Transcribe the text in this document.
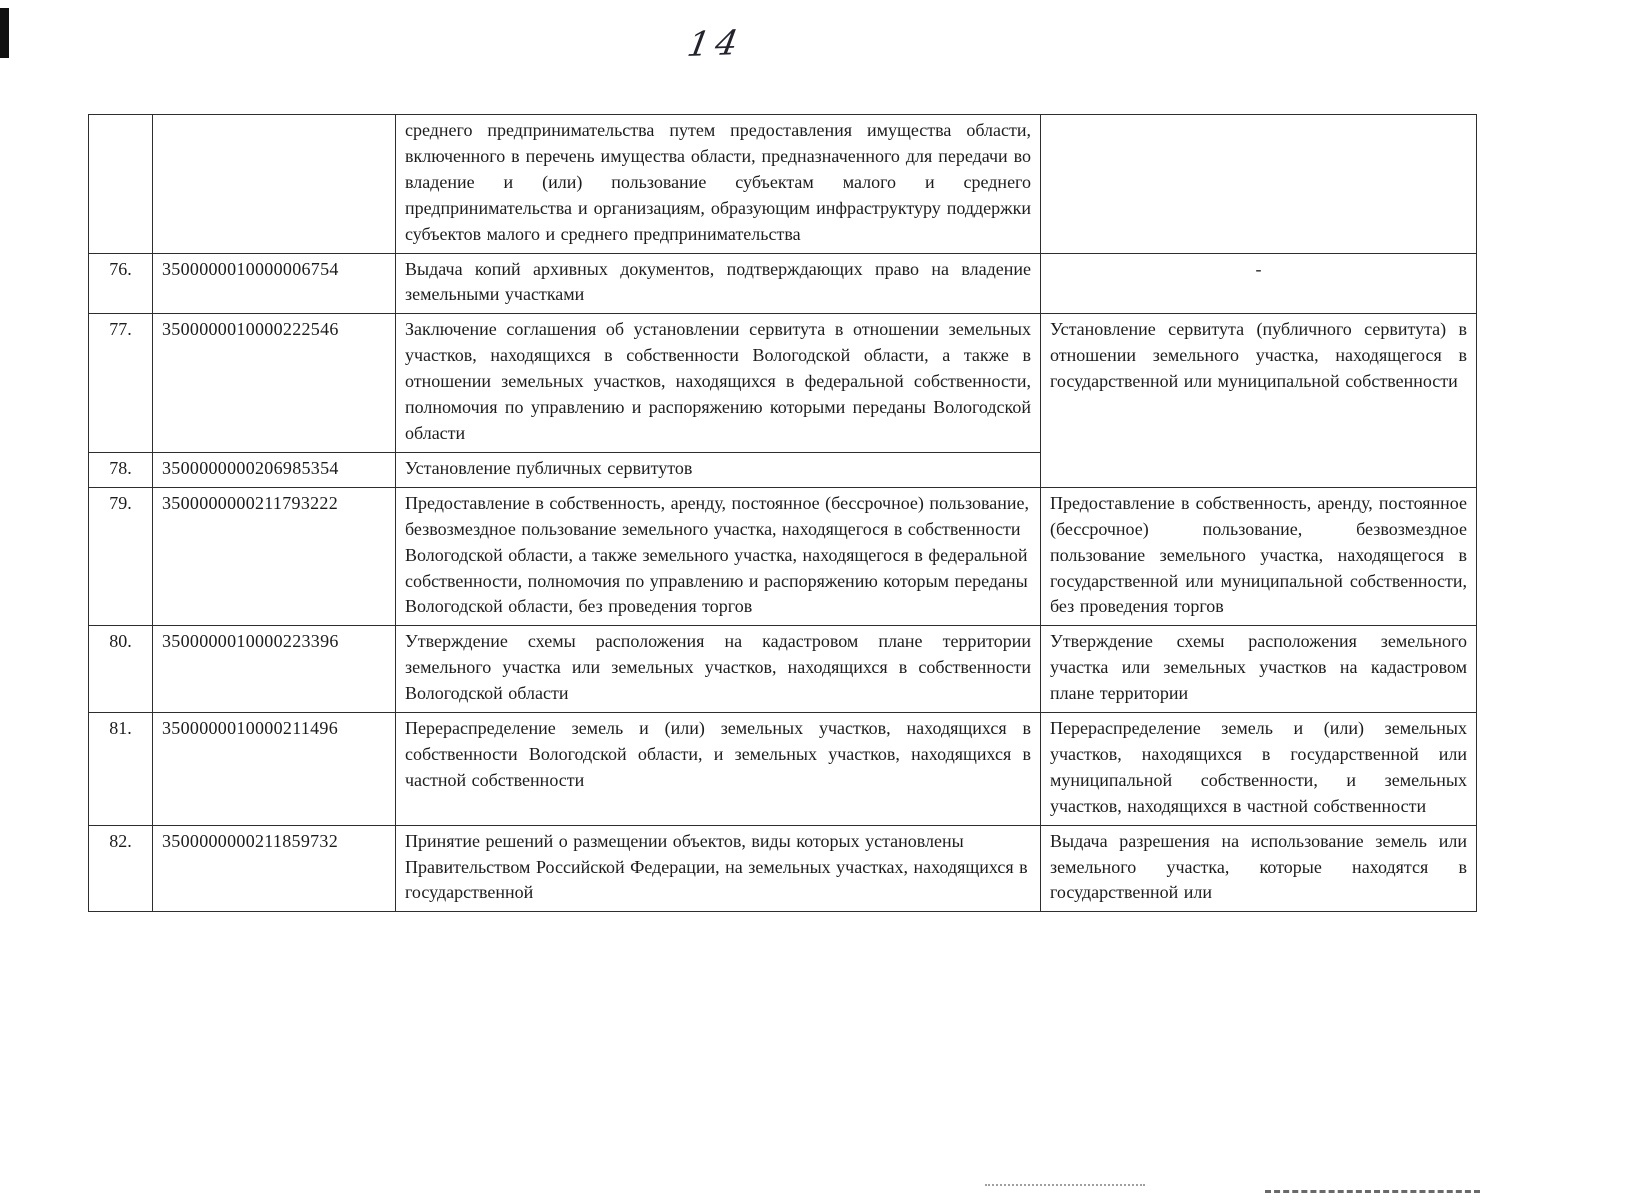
14
		среднего предпринимательства путем предоставления имущества области, включенного в перечень имущества области, предназначенного для передачи во владение и (или) пользование субъектам малого и среднего предпринимательства и организациям, образующим инфраструктуру поддержки субъектов малого и среднего предпринимательства	
76.	3500000010000006754	Выдача копий архивных документов, подтверждающих право на владение земельными участками	-
77.	3500000010000222546	Заключение соглашения об установлении сервитута в отношении земельных участков, находящихся в собственности Вологодской области, а также в отношении земельных участков, находящихся в федеральной собственности, полномочия по управлению и распоряжению которыми переданы Вологодской области	Установление сервитута (публичного сервитута) в отношении земельного участка, находящегося в государственной или муниципальной собственности
78.	3500000000206985354	Установление публичных сервитутов	
79.	3500000000211793222	Предоставление в собственность, аренду, постоянное (бессрочное) пользование, безвозмездное пользование земельного участка, находящегося в собственности Вологодской области, а также земельного участка, находящегося в федеральной собственности, полномочия по управлению и распоряжению которым переданы Вологодской области, без проведения торгов	Предоставление в собственность, аренду, постоянное (бессрочное) пользование, безвозмездное пользование земельного участка, находящегося в государственной или муниципальной собственности, без проведения торгов
80.	3500000010000223396	Утверждение схемы расположения на кадастровом плане территории земельного участка или земельных участков, находящихся в собственности Вологодской области	Утверждение схемы расположения земельного участка или земельных участков на кадастровом плане территории
81.	3500000010000211496	Перераспределение земель и (или) земельных участков, находящихся в собственности Вологодской области, и земельных участков, находящихся в частной собственности	Перераспределение земель и (или) земельных участков, находящихся в государственной или муниципальной собственности, и земельных участков, находящихся в частной собственности
82.	3500000000211859732	Принятие решений о размещении объектов, виды которых установлены Правительством Российской Федерации, на земельных участках, находящихся в государственной	Выдача разрешения на использование земель или земельного участка, которые находятся в государственной или
